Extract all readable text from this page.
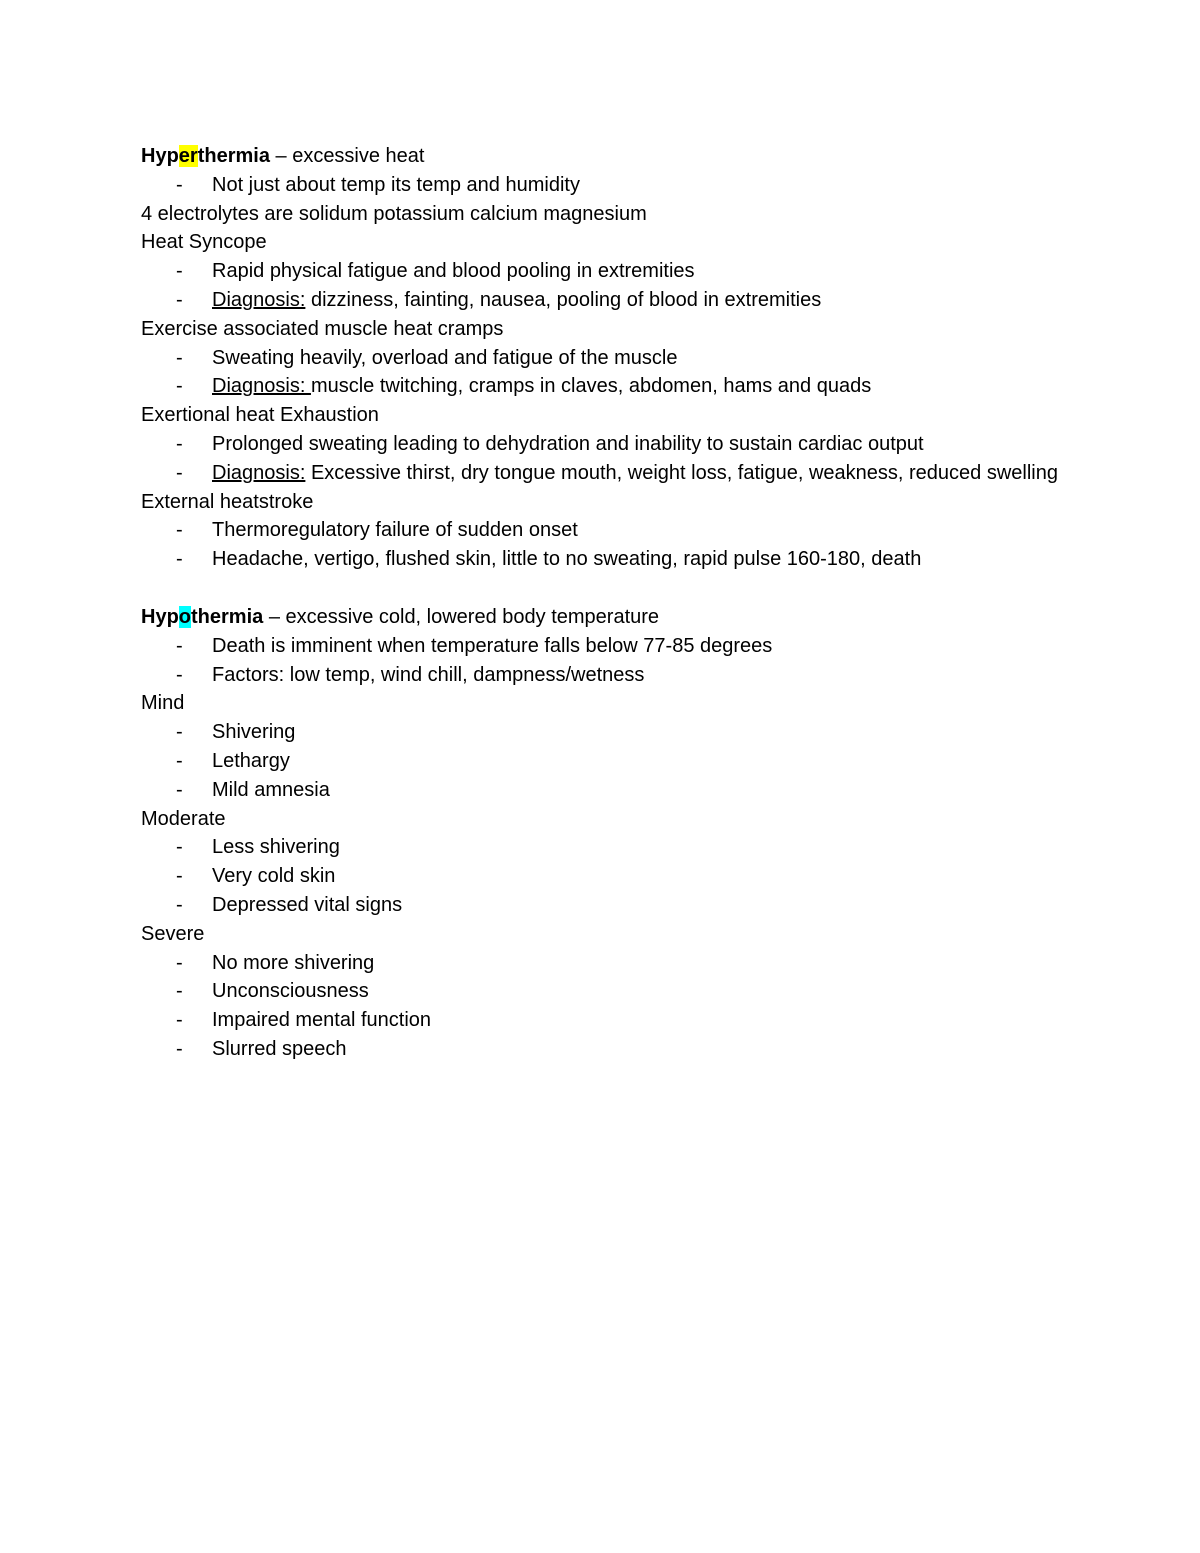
Hyperthermia – excessive heat
- Not just about temp its temp and humidity
4 electrolytes are solidum potassium calcium magnesium
Heat Syncope
- Rapid physical fatigue and blood pooling in extremities
- Diagnosis: dizziness, fainting, nausea, pooling of blood in extremities
Exercise associated muscle heat cramps
- Sweating heavily, overload and fatigue of the muscle
- Diagnosis: muscle twitching, cramps in claves, abdomen, hams and quads
Exertional heat Exhaustion
- Prolonged sweating leading to dehydration and inability to sustain cardiac output
- Diagnosis: Excessive thirst, dry tongue mouth, weight loss, fatigue, weakness, reduced swelling
External heatstroke
- Thermoregulatory failure of sudden onset
- Headache, vertigo, flushed skin, little to no sweating, rapid pulse 160-180, death
Hypothermia – excessive cold, lowered body temperature
- Death is imminent when temperature falls below 77-85 degrees
- Factors: low temp, wind chill, dampness/wetness
Mind
- Shivering
- Lethargy
- Mild amnesia
Moderate
- Less shivering
- Very cold skin
- Depressed vital signs
Severe
- No more shivering
- Unconsciousness
- Impaired mental function
- Slurred speech
